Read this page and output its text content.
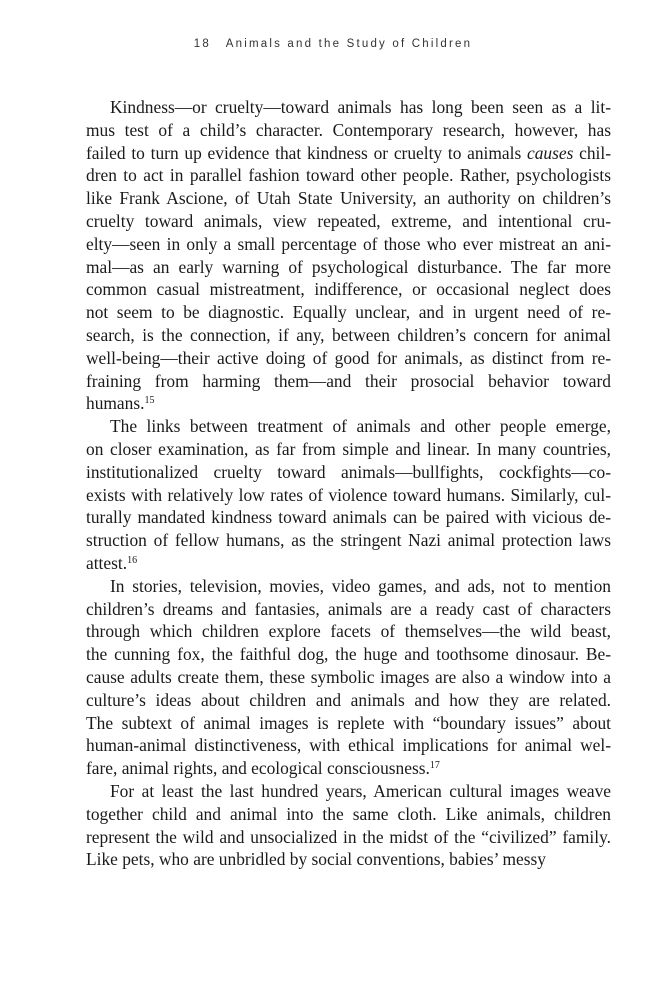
18 Animals and the Study of Children

Kindness—or cruelty—toward animals has long been seen as a lit-
mus test of a child’s character. Contemporary research, however, has
failed to turn up evidence that kindness or cruelty to animals causes chil-
dren to act in parallel fashion toward other people. Rather, psychologists
like Frank Ascione, of Utah State University, an authority on children’s
cruelty toward animals, view repeated, extreme, and intentional cru-
elty—seen in only a small percentage of those who ever mistreat an ani-
mal—as an early warning of psychological disturbance. The far more
common casual mistreatment, indifference, or occasional neglect does
not seem to be diagnostic. Equally unclear, and in urgent need of re-
search, is the connection, if any, between children’s concern for animal
well-being—their active doing of good for animals, as distinct from re-
fraining from harming them—and their prosocial behavior toward
humans.$^{15}$

The links between treatment of animals and other people emerge,
on closer examination, as far from simple and linear. In many countries,
institutionalized cruelty toward animals—bullfights, cockfights—co-
exists with relatively low rates of violence toward humans. Similarly, cul-
turally mandated kindness toward animals can be paired with vicious de-
struction of fellow humans, as the stringent Nazi animal protection laws
attest.$^{16}$

In stories, television, movies, video games, and ads, not to mention
children’s dreams and fantasies, animals are a ready cast of characters
through which children explore facets of themselves—the wild beast,
the cunning fox, the faithful dog, the huge and toothsome dinosaur. Be-
cause adults create them, these symbolic images are also a window into a
culture’s ideas about children and animals and how they are related.
The subtext of animal images is replete with “boundary issues” about
human-animal distinctiveness, with ethical implications for animal wel-
fare, animal rights, and ecological consciousness.$^{17}$

For at least the last hundred years, American cultural images weave
together child and animal into the same cloth. Like animals, children
represent the wild and unsocialized in the midst of the “civilized” family.
Like pets, who are unbridled by social conventions, babies’ messy
